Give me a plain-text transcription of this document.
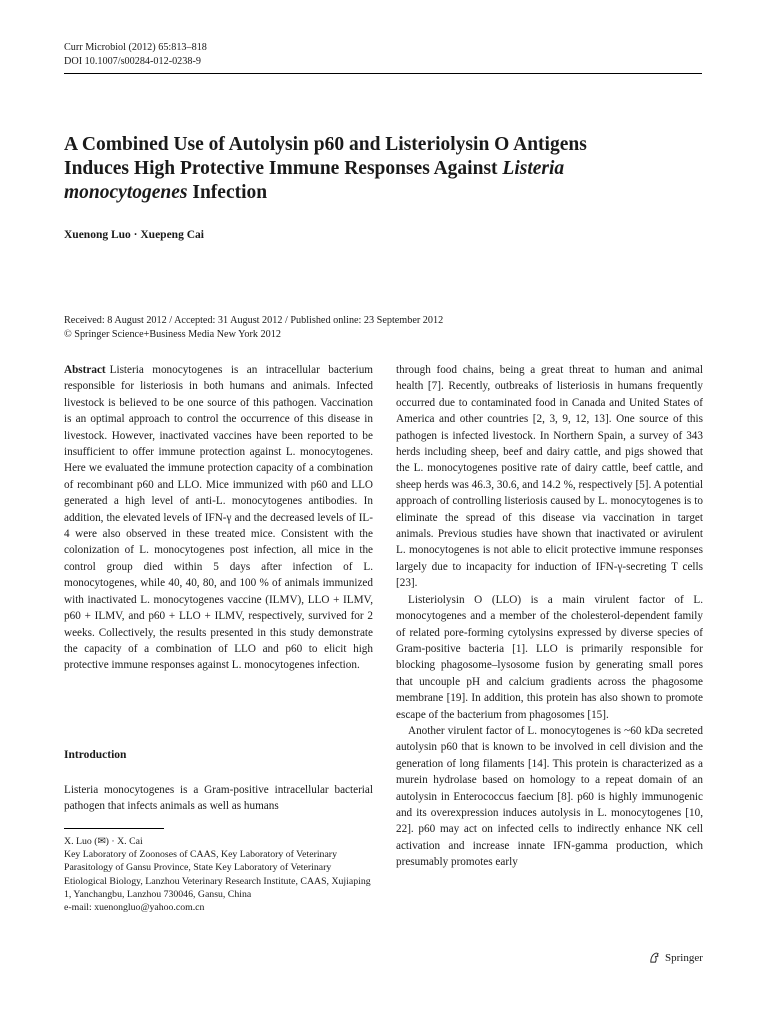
Curr Microbiol (2012) 65:813–818
DOI 10.1007/s00284-012-0238-9
A Combined Use of Autolysin p60 and Listeriolysin O Antigens
Induces High Protective Immune Responses Against Listeria
monocytogenes Infection
Xuenong Luo · Xuepeng Cai
Received: 8 August 2012 / Accepted: 31 August 2012 / Published online: 23 September 2012
© Springer Science+Business Media New York 2012

Abstract Listeria monocytogenes is an intracellular bacterium responsible for listeriosis in both humans and animals. Infected livestock is believed to be one source of this pathogen. Vaccination is an optimal approach to control the occurrence of this disease in livestock. However, inactivated vaccines have been reported to be insufficient to offer immune protection against L. monocytogenes. Here we evaluated the immune protection capacity of a combination of recombinant p60 and LLO. Mice immunized with p60 and LLO generated a high level of anti-L. monocytogenes antibodies. In addition, the elevated levels of IFN-γ and the decreased levels of IL-4 were also observed in these treated mice. Consistent with the colonization of L. monocytogenes post infection, all mice in the control group died within 5 days after infection of L. monocytogenes, while 40, 40, 80, and 100 % of animals immunized with inactivated L. monocytogenes vaccine (ILMV), LLO + ILMV, p60 + ILMV, and p60 + LLO + ILMV, respectively, survived for 2 weeks. Collectively, the results presented in this study demonstrate the capacity of a combination of LLO and p60 to elicit high protective immune responses against L. monocytogenes infection.

Introduction
Listeria monocytogenes is a Gram-positive intracellular bacterial pathogen that infects animals as well as humans
X. Luo (✉) · X. Cai
Key Laboratory of Zoonoses of CAAS, Key Laboratory of Veterinary Parasitology of Gansu Province, State Key Laboratory of Veterinary Etiological Biology, Lanzhou Veterinary Research Institute, CAAS, Xujiaping 1, Yanchangbu, Lanzhou 730046, Gansu, China
e-mail: xuenongluo@yahoo.com.cn

through food chains, being a great threat to human and animal health [7]. Recently, outbreaks of listeriosis in humans frequently occurred due to contaminated food in Canada and United States of America and other countries [2, 3, 9, 12, 13]. One source of this pathogen is infected livestock. In Northern Spain, a survey of 343 herds including sheep, beef and dairy cattle, and pigs showed that the L. monocytogenes positive rate of dairy cattle, beef cattle, and sheep herds was 46.3, 30.6, and 14.2 %, respectively [5]. A potential approach of controlling listeriosis caused by L. monocytogenes is to eliminate the spread of this disease via vaccination in target animals. Previous studies have shown that inactivated or avirulent L. monocytogenes is not able to elicit protective immune responses largely due to incapacity for induction of IFN-γ-secreting T cells [23].

Listeriolysin O (LLO) is a main virulent factor of L. monocytogenes and a member of the cholesterol-dependent family of related pore-forming cytolysins expressed by diverse species of Gram-positive bacteria [1]. LLO is primarily responsible for blocking phagosome–lysosome fusion by generating small pores that uncouple pH and calcium gradients across the phagosome membrane [19]. In addition, this protein has also shown to promote escape of the bacterium from phagosomes [15].

Another virulent factor of L. monocytogenes is ~60 kDa secreted autolysin p60 that is known to be involved in cell division and the generation of long filaments [14]. This protein is characterized as a murein hydrolase based on homology to a repeat domain of an autolysin in Enterococcus faecium [8]. p60 is highly immunogenic and its overexpression induces autolysis in L. monocytogenes [10, 22]. p60 may act on infected cells to indirectly enhance NK cell activation and increase innate IFN-gamma production, which presumably promotes early

Springer
